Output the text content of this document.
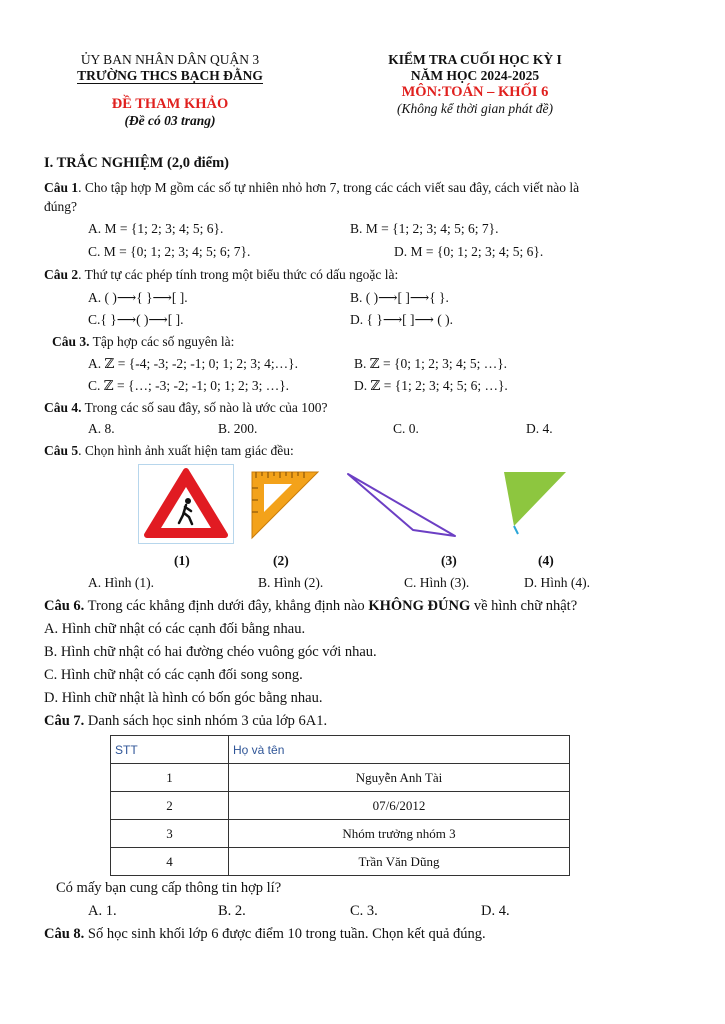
ỦY BAN NHÂN DÂN QUẬN 3
TRƯỜNG THCS BẠCH ĐẰNG
ĐỀ THAM KHẢO
(Đề có 03 trang)
KIỂM TRA CUỐI HỌC KỲ I
NĂM HỌC 2024-2025
MÔN:TOÁN – KHỐI 6
(Không kể thời gian phát đề)
I. TRẮC NGHIỆM (2,0 điểm)
Câu 1. Cho tập hợp M gồm các số tự nhiên nhỏ hơn 7, trong các cách viết sau đây, cách viết nào là
đúng?
A. M = {1; 2; 3; 4; 5; 6}.	B. M = {1; 2; 3; 4; 5; 6; 7}.
C. M = {0; 1; 2; 3; 4; 5; 6; 7}.	D. M = {0; 1; 2; 3; 4; 5; 6}.
Câu 2. Thứ tự các phép tính trong một biểu thức có dấu ngoặc là:
A. ( )⟶{ }⟶[ ].	B. ( )⟶[ ]⟶{ }.
C.{ }⟶( )⟶[ ].	D. { }⟶[ ]⟶ ( ).
Câu 3. Tập hợp các số nguyên là:
A. ℤ = {-4; -3; -2; -1; 0; 1; 2; 3; 4;…}.	B. ℤ = {0; 1; 2; 3; 4; 5; …}.
C. ℤ = {…; -3; -2; -1; 0; 1; 2; 3; …}.	D. ℤ = {1; 2; 3; 4; 5; 6; …}.
Câu 4. Trong các số sau đây, số nào là ước của 100?
A. 8.	B. 200.	C. 0.	D. 4.
Câu 5. Chọn hình ảnh xuất hiện tam giác đều:
(1)	(2)	(3)	(4)
A. Hình (1).	B. Hình (2).	C. Hình (3).	D. Hình (4).
Câu 6. Trong các khẳng định dưới đây, khẳng định nào KHÔNG ĐÚNG về hình chữ nhật?
A. Hình chữ nhật có các cạnh đối bằng nhau.
B. Hình chữ nhật có hai đường chéo vuông góc với nhau.
C. Hình chữ nhật có các cạnh đối song song.
D. Hình chữ nhật là hình có bốn góc bằng nhau.
Câu 7. Danh sách học sinh nhóm 3 của lớp 6A1.
STT	Họ và tên
1	Nguyễn Anh Tài
2	07/6/2012
3	Nhóm trưởng nhóm 3
4	Trần Văn Dũng
Có mấy bạn cung cấp thông tin hợp lí?
A. 1.	B. 2.	C. 3.	D. 4.
Câu 8. Số học sinh khối lớp 6 được điểm 10 trong tuần. Chọn kết quả đúng.
